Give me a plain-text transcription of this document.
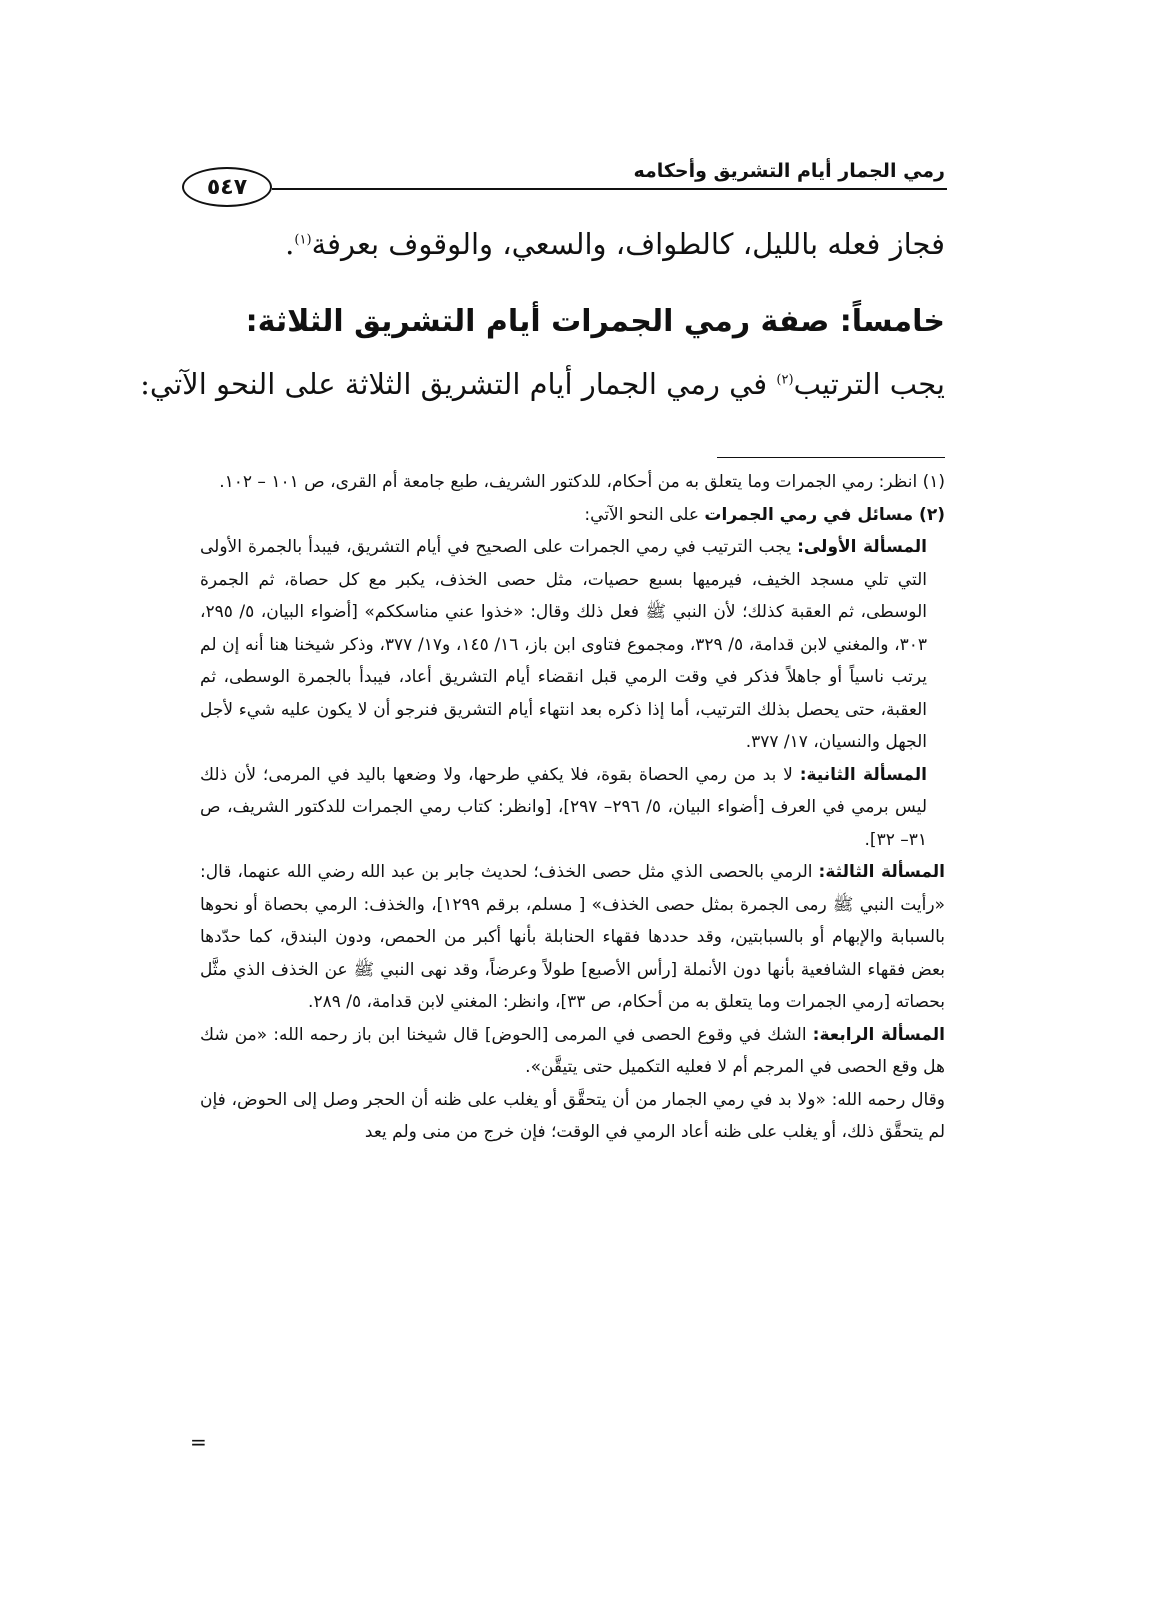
رمي الجمار أيام التشريق وأحكامه
٥٤٧
فجاز فعله بالليل، كالطواف، والسعي، والوقوف بعرفة$^{(١)}$.
خامساً: صفة رمي الجمرات أيام التشريق الثلاثة:
يجب الترتيب$^{(٢)}$ في رمي الجمار أيام التشريق الثلاثة على النحو الآتي:

(١) انظر: رمي الجمرات وما يتعلق به من أحكام، للدكتور الشريف، طبع جامعة أم القرى، ص ١٠١ – ١٠٢.

(٢) مسائل في رمي الجمرات على النحو الآتي:

المسألة الأولى: يجب الترتيب في رمي الجمرات على الصحيح في أيام التشريق، فيبدأ بالجمرة الأولى التي تلي مسجد الخيف، فيرميها بسبع حصيات، مثل حصى الخذف، يكبر مع كل حصاة، ثم الجمرة الوسطى، ثم العقبة كذلك؛ لأن النبي ﷺ فعل ذلك وقال: «خذوا عني مناسككم» [أضواء البيان، ٥/ ٢٩٥، ٣٠٣، والمغني لابن قدامة، ٥/ ٣٢٩، ومجموع فتاوى ابن باز، ١٦/ ١٤٥، و١٧/ ٣٧٧، وذكر شيخنا هنا أنه إن لم يرتب ناسياً أو جاهلاً فذكر في وقت الرمي قبل انقضاء أيام التشريق أعاد، فيبدأ بالجمرة الوسطى، ثم العقبة، حتى يحصل بذلك الترتيب، أما إذا ذكره بعد انتهاء أيام التشريق فنرجو أن لا يكون عليه شيء لأجل الجهل والنسيان، ١٧/ ٣٧٧.

المسألة الثانية: لا بد من رمي الحصاة بقوة، فلا يكفي طرحها، ولا وضعها باليد في المرمى؛ لأن ذلك ليس برمي في العرف [أضواء البيان، ٥/ ٢٩٦– ٢٩٧]، [وانظر: كتاب رمي الجمرات للدكتور الشريف، ص ٣١– ٣٢].

المسألة الثالثة: الرمي بالحصى الذي مثل حصى الخذف؛ لحديث جابر بن عبد الله رضي الله عنهما، قال: «رأيت النبي ﷺ رمى الجمرة بمثل حصى الخذف» [ مسلم، برقم ١٢٩٩]، والخذف: الرمي بحصاة أو نحوها بالسبابة والإبهام أو بالسبابتين، وقد حددها فقهاء الحنابلة بأنها أكبر من الحمص، ودون البندق، كما حدّدها بعض فقهاء الشافعية بأنها دون الأنملة [رأس الأصبع] طولاً وعرضاً، وقد نهى النبي ﷺ عن الخذف الذي مثَّل بحصاته [رمي الجمرات وما يتعلق به من أحكام، ص ٣٣]، وانظر: المغني لابن قدامة، ٥/ ٢٨٩.

المسألة الرابعة: الشك في وقوع الحصى في المرمى [الحوض] قال شيخنا ابن باز رحمه الله: «من شك هل وقع الحصى في المرجم أم لا فعليه التكميل حتى يتيقَّن».

وقال رحمه الله: «ولا بد في رمي الجمار من أن يتحقَّق أو يغلب على ظنه أن الحجر وصل إلى الحوض، فإن لم يتحقَّق ذلك، أو يغلب على ظنه أعاد الرمي في الوقت؛ فإن خرج من منى ولم يعد

=
